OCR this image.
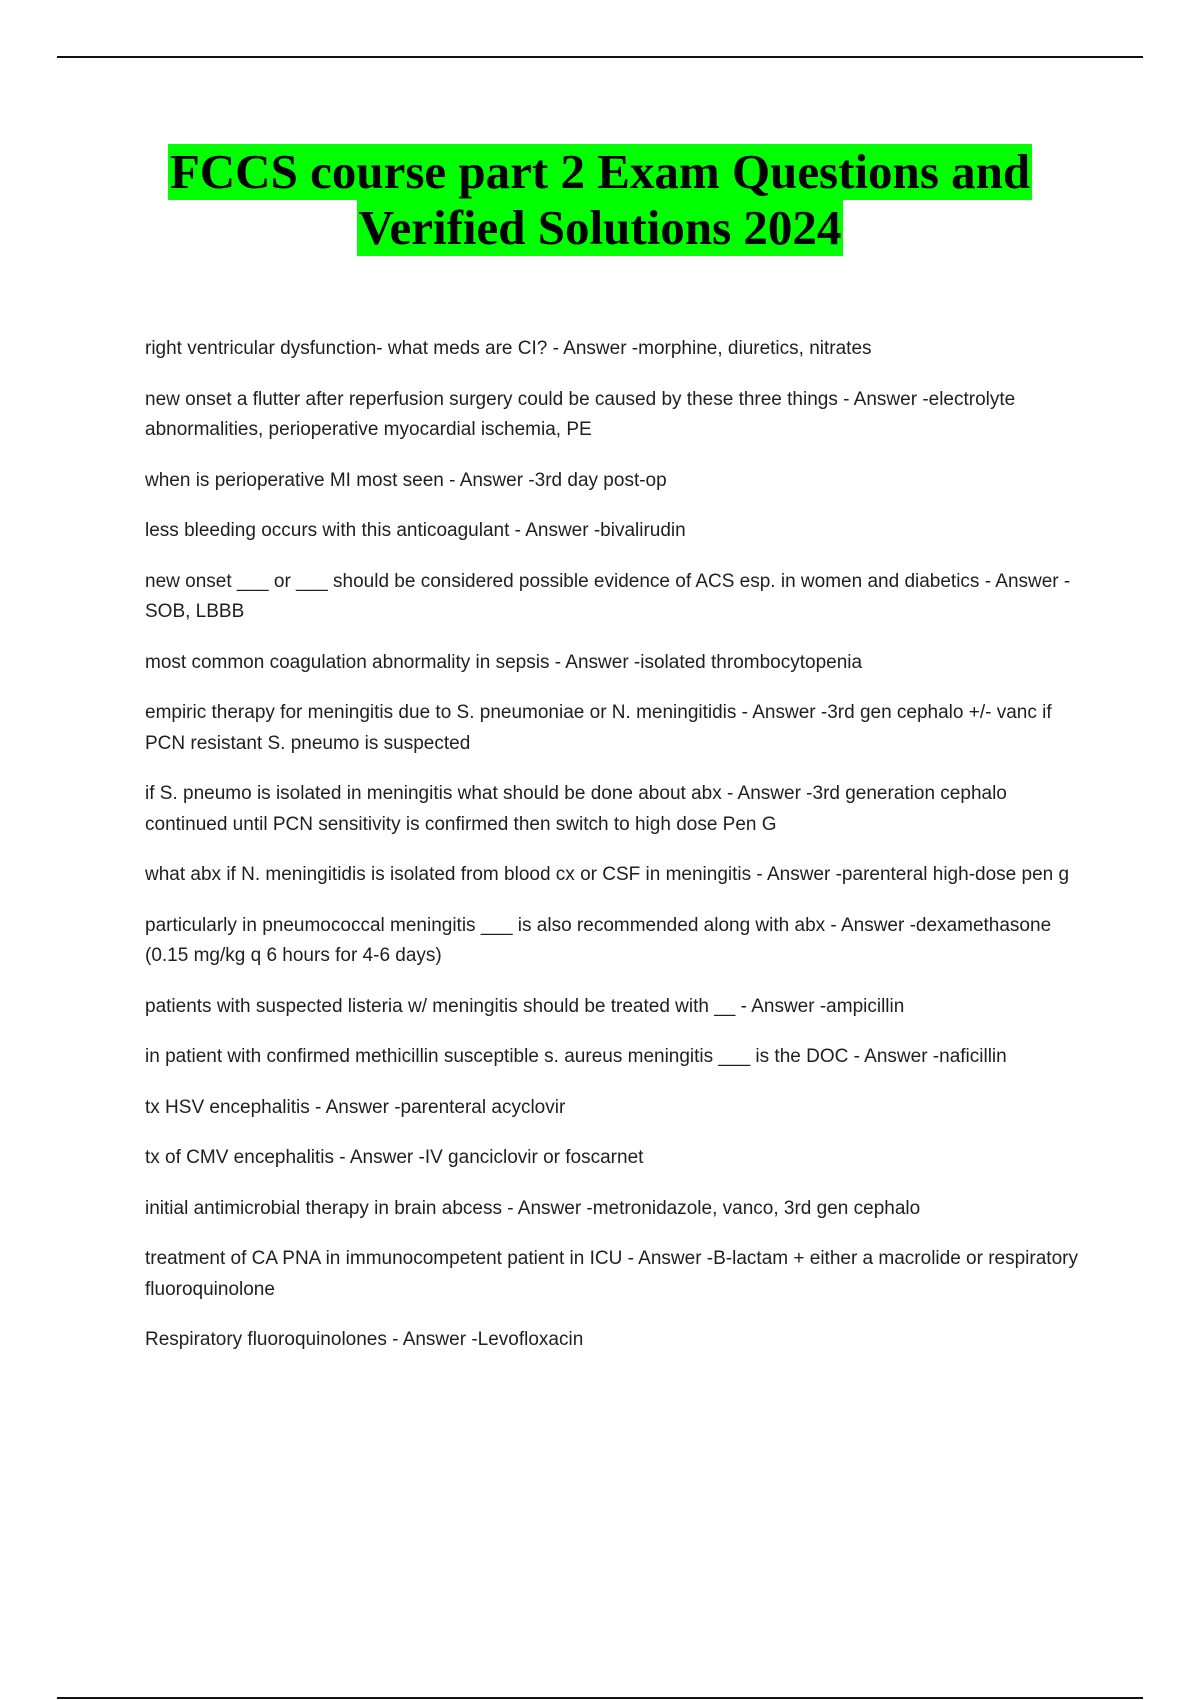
FCCS course part 2 Exam Questions and
Verified Solutions 2024
right ventricular dysfunction- what meds are CI? - Answer -morphine, diuretics, nitrates
new onset a flutter after reperfusion surgery could be caused by these three things - Answer -electrolyte abnormalities, perioperative myocardial ischemia, PE
when is perioperative MI most seen - Answer -3rd day post-op
less bleeding occurs with this anticoagulant - Answer -bivalirudin
new onset ___ or ___ should be considered possible evidence of ACS esp. in women and diabetics - Answer -SOB, LBBB
most common coagulation abnormality in sepsis - Answer -isolated thrombocytopenia
empiric therapy for meningitis due to S. pneumoniae or N. meningitidis - Answer -3rd gen cephalo +/- vanc if PCN resistant S. pneumo is suspected
if S. pneumo is isolated in meningitis what should be done about abx - Answer -3rd generation cephalo continued until PCN sensitivity is confirmed then switch to high dose Pen G
what abx if N. meningitidis is isolated from blood cx or CSF in meningitis - Answer -parenteral high-dose pen g
particularly in pneumococcal meningitis ___ is also recommended along with abx - Answer -dexamethasone (0.15 mg/kg q 6 hours for 4-6 days)
patients with suspected listeria w/ meningitis should be treated with __ - Answer -ampicillin
in patient with confirmed methicillin susceptible s. aureus meningitis ___ is the DOC - Answer -naficillin
tx HSV encephalitis - Answer -parenteral acyclovir
tx of CMV encephalitis - Answer -IV ganciclovir or foscarnet
initial antimicrobial therapy in brain abcess - Answer -metronidazole, vanco, 3rd gen cephalo
treatment of CA PNA in immunocompetent patient in ICU - Answer -B-lactam + either a macrolide or respiratory fluoroquinolone
Respiratory fluoroquinolones - Answer -Levofloxacin
